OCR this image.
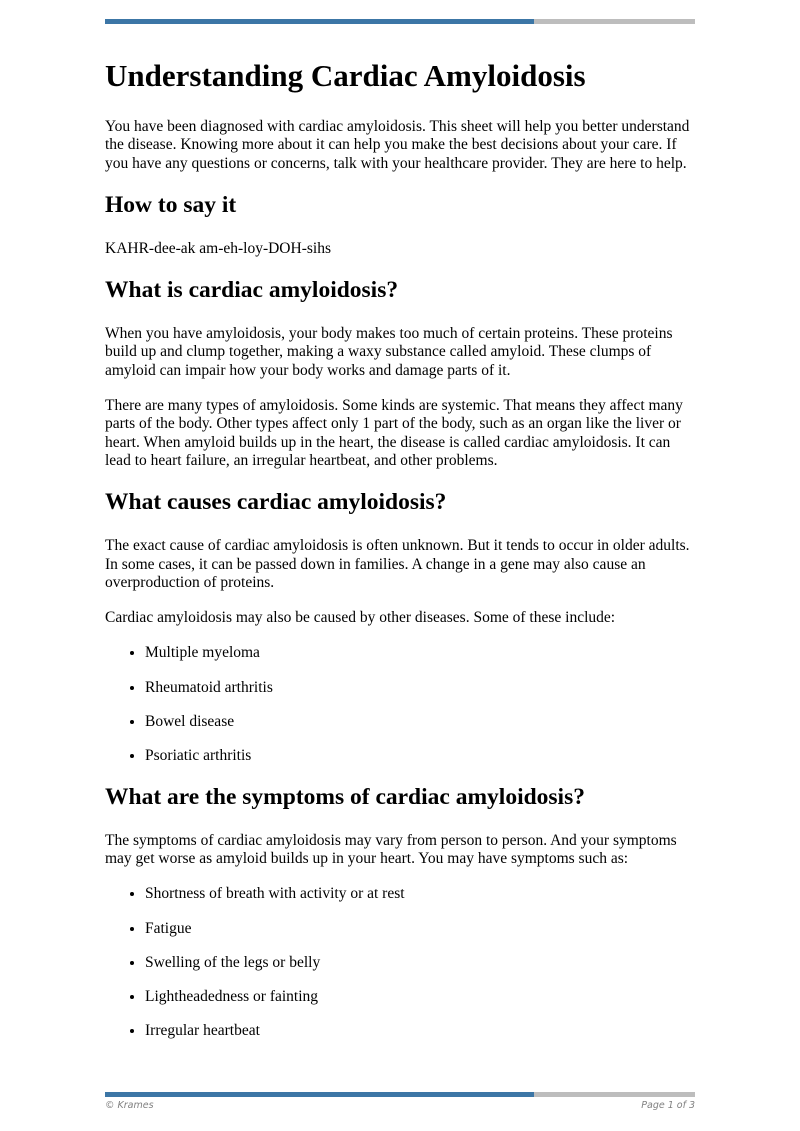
Understanding Cardiac Amyloidosis

You have been diagnosed with cardiac amyloidosis. This sheet will help you better understand the disease. Knowing more about it can help you make the best decisions about your care. If you have any questions or concerns, talk with your healthcare provider. They are here to help.

How to say it

KAHR-dee-ak am-eh-loy-DOH-sihs

What is cardiac amyloidosis?

When you have amyloidosis, your body makes too much of certain proteins. These proteins build up and clump together, making a waxy substance called amyloid. These clumps of amyloid can impair how your body works and damage parts of it.

There are many types of amyloidosis. Some kinds are systemic. That means they affect many parts of the body. Other types affect only 1 part of the body, such as an organ like the liver or heart. When amyloid builds up in the heart, the disease is called cardiac amyloidosis. It can lead to heart failure, an irregular heartbeat, and other problems.

What causes cardiac amyloidosis?

The exact cause of cardiac amyloidosis is often unknown. But it tends to occur in older adults. In some cases, it can be passed down in families. A change in a gene may also cause an overproduction of proteins.

Cardiac amyloidosis may also be caused by other diseases. Some of these include:

• Multiple myeloma
• Rheumatoid arthritis
• Bowel disease
• Psoriatic arthritis
What are the symptoms of cardiac amyloidosis?

The symptoms of cardiac amyloidosis may vary from person to person. And your symptoms may get worse as amyloid builds up in your heart. You may have symptoms such as:

• Shortness of breath with activity or at rest
• Fatigue
• Swelling of the legs or belly
• Lightheadedness or fainting
• Irregular heartbeat
© Krames	Page 1 of 3
